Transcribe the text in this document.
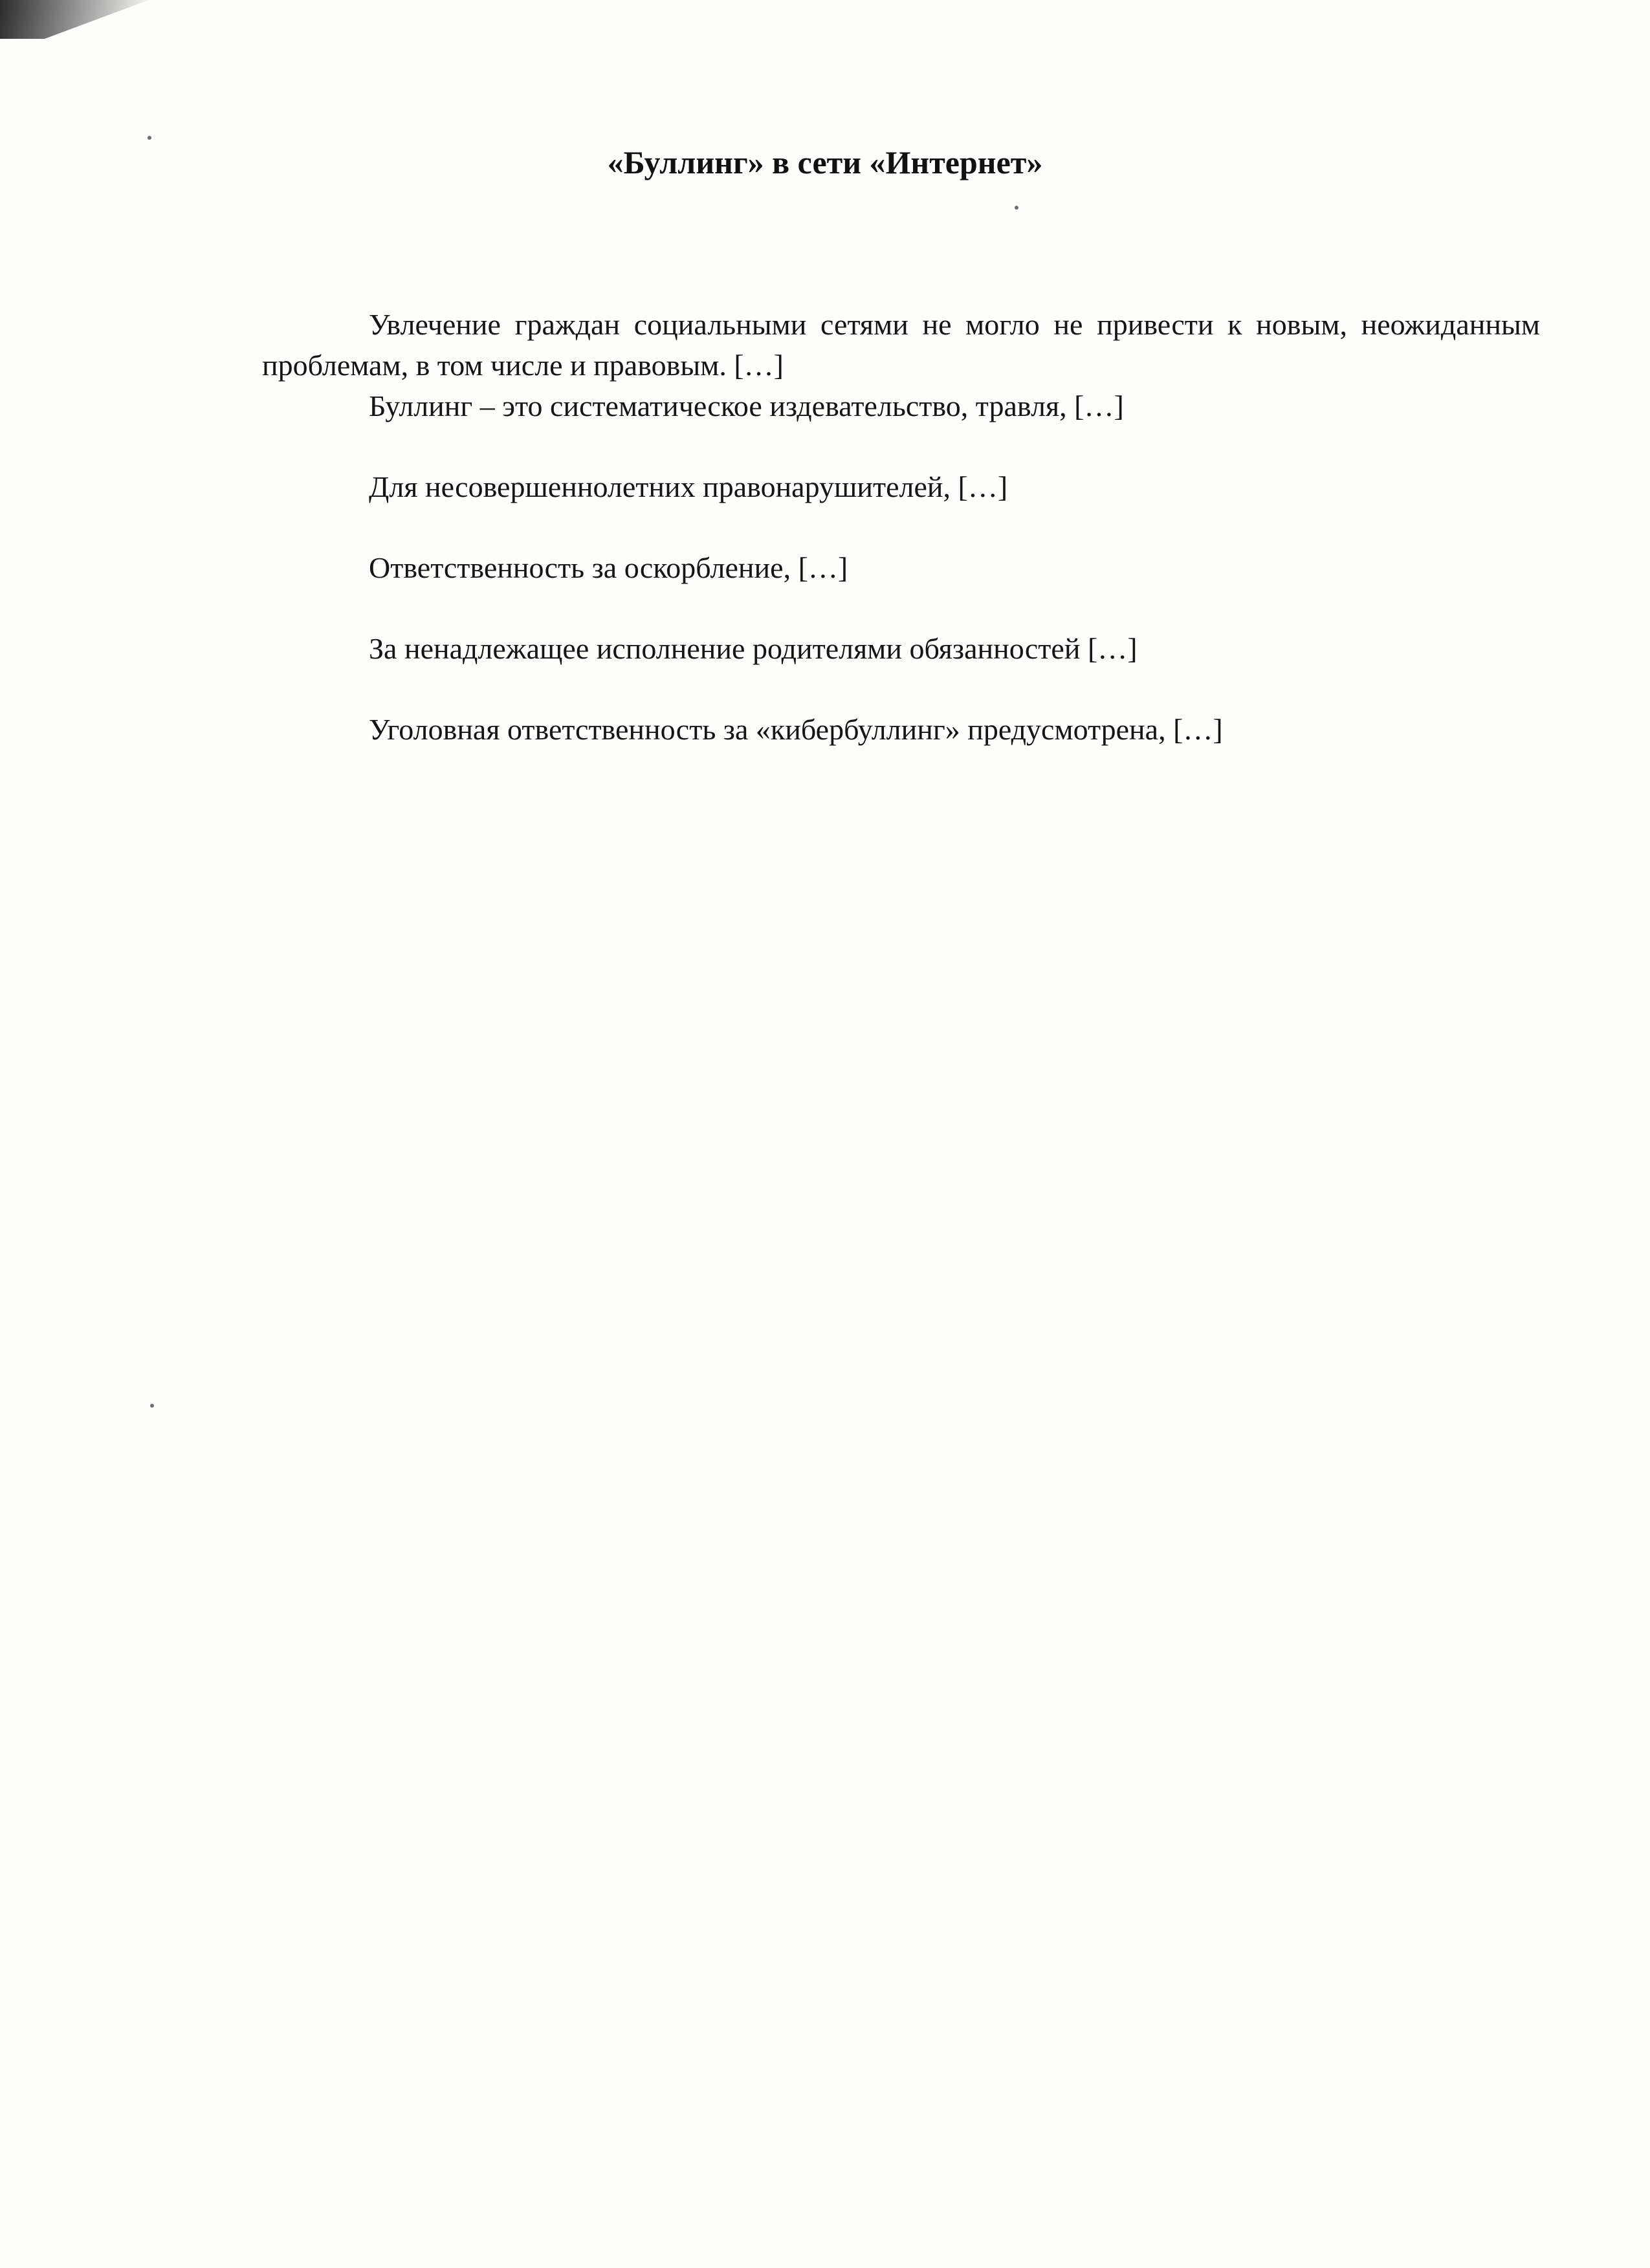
«Буллинг» в сети «Интернет»

Увлечение граждан социальными сетями не могло не привести к новым, неожиданным проблемам, в том числе и правовым. […]

Буллинг – это систематическое издевательство, травля, […]

Для несовершеннолетних правонарушителей, […]

Ответственность за оскорбление, […]

За ненадлежащее исполнение родителями обязанностей […]

Уголовная ответственность за «кибербуллинг» предусмотрена, […]
